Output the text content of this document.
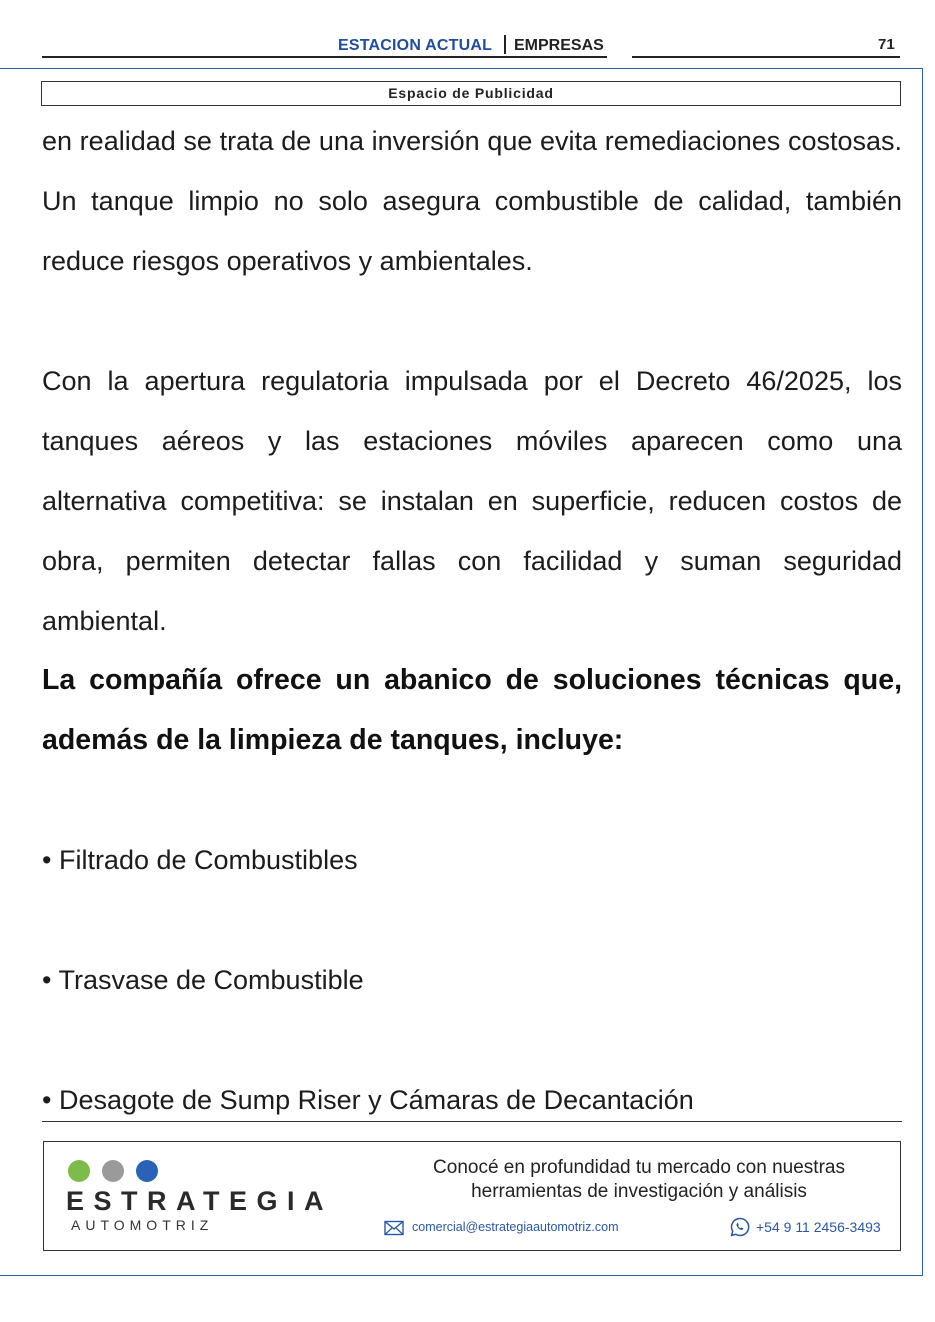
ESTACION ACTUAL EMPRESAS	71
Espacio de Publicidad

en realidad se trata de una inversión que evita remediaciones costosas. Un tanque limpio no solo asegura combustible de calidad, también reduce riesgos operativos y ambientales.

Con la apertura regulatoria impulsada por el Decreto 46/2025, los tanques aéreos y las estaciones móviles aparecen como una alternativa competitiva: se instalan en superficie, reducen costos de obra, permiten detectar fallas con facilidad y suman seguridad ambiental.

La compañía ofrece un abanico de soluciones técnicas que, además de la limpieza de tanques, incluye:
• Filtrado de Combustibles
• Trasvase de Combustible
• Desagote de Sump Riser y Cámaras de Decantación
ESTRATEGIA
AUTOMOTRIZ
Conocé en profundidad tu mercado con nuestras
herramientas de investigación y análisis
comercial@estrategiaautomotriz.com	+54 9 11 2456-3493
